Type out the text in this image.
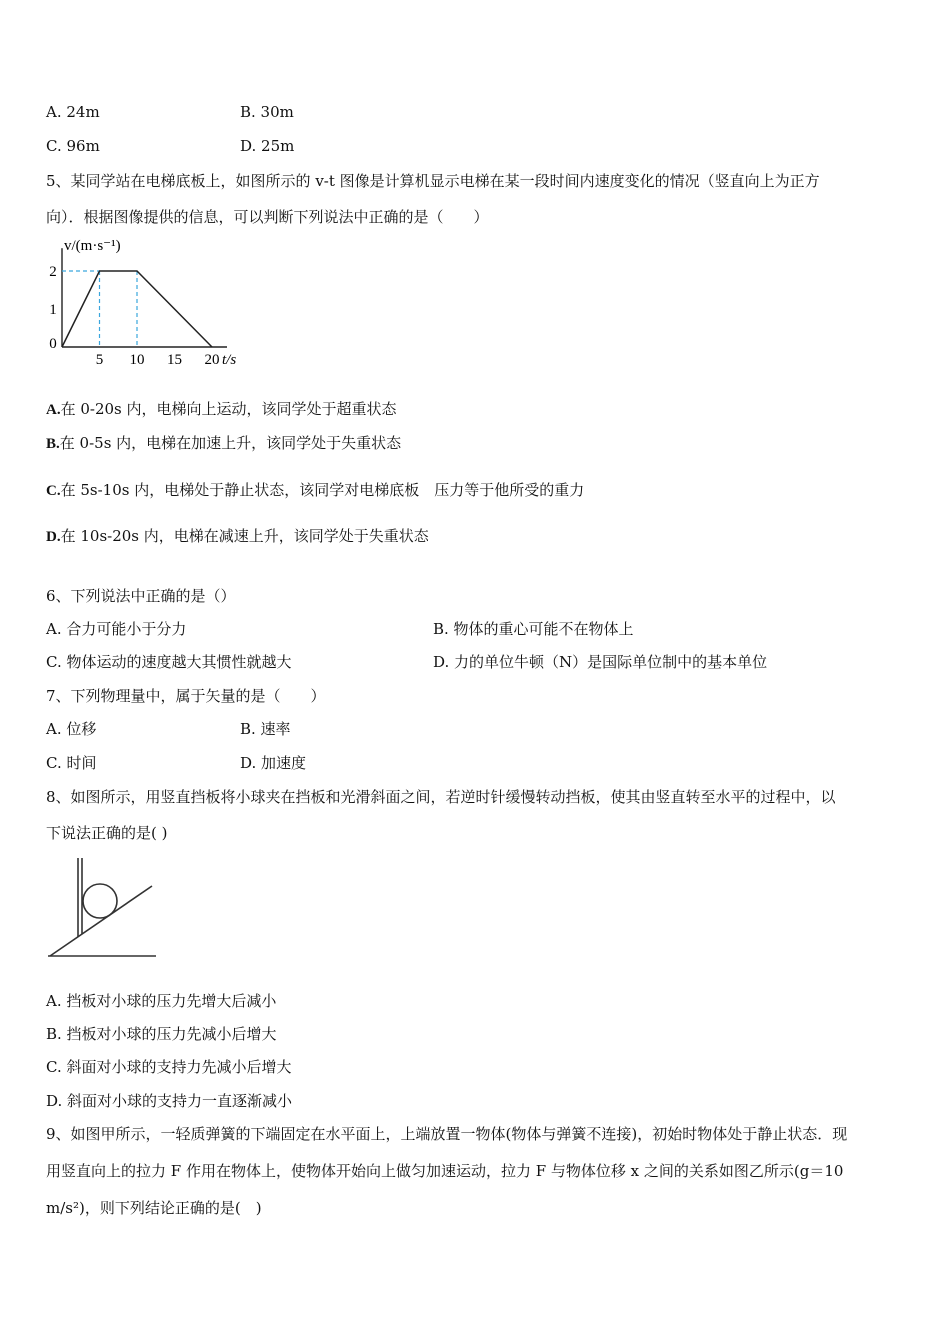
A. 24m	B. 30m
C. 96m	D. 25m
5、某同学站在电梯底板上，如图所示的 v-t 图像是计算机显示电梯在某一段时间内速度变化的情况（竖直向上为正方
向）．根据图像提供的信息，可以判断下列说法中正确的是（　　）
5 10 15 20
2
1
0
t/s
v/(m·s⁻¹)
A.在 0-20s 内，电梯向上运动，该同学处于超重状态
B.在 0-5s 内，电梯在加速上升，该同学处于失重状态
C.在 5s-10s 内，电梯处于静止状态，该同学对电梯底板　压力等于他所受的重力
D.在 10s-20s 内，电梯在减速上升，该同学处于失重状态
6、下列说法中正确的是（）
A. 合力可能小于分力	B. 物体的重心可能不在物体上
C. 物体运动的速度越大其惯性就越大	D. 力的单位牛顿（N）是国际单位制中的基本单位
7、下列物理量中，属于矢量的是（　　）
A. 位移	B. 速率
C. 时间	D. 加速度
8、如图所示，用竖直挡板将小球夹在挡板和光滑斜面之间，若逆时针缓慢转动挡板，使其由竖直转至水平的过程中，以
下说法正确的是( )
A. 挡板对小球的压力先增大后减小
B. 挡板对小球的压力先减小后增大
C. 斜面对小球的支持力先减小后增大
D. 斜面对小球的支持力一直逐渐减小
9、如图甲所示，一轻质弹簧的下端固定在水平面上，上端放置一物体(物体与弹簧不连接)，初始时物体处于静止状态．现
用竖直向上的拉力 F 作用在物体上，使物体开始向上做匀加速运动，拉力 F 与物体位移 x 之间的关系如图乙所示(g＝10
m/s²)，则下列结论正确的是(　)
